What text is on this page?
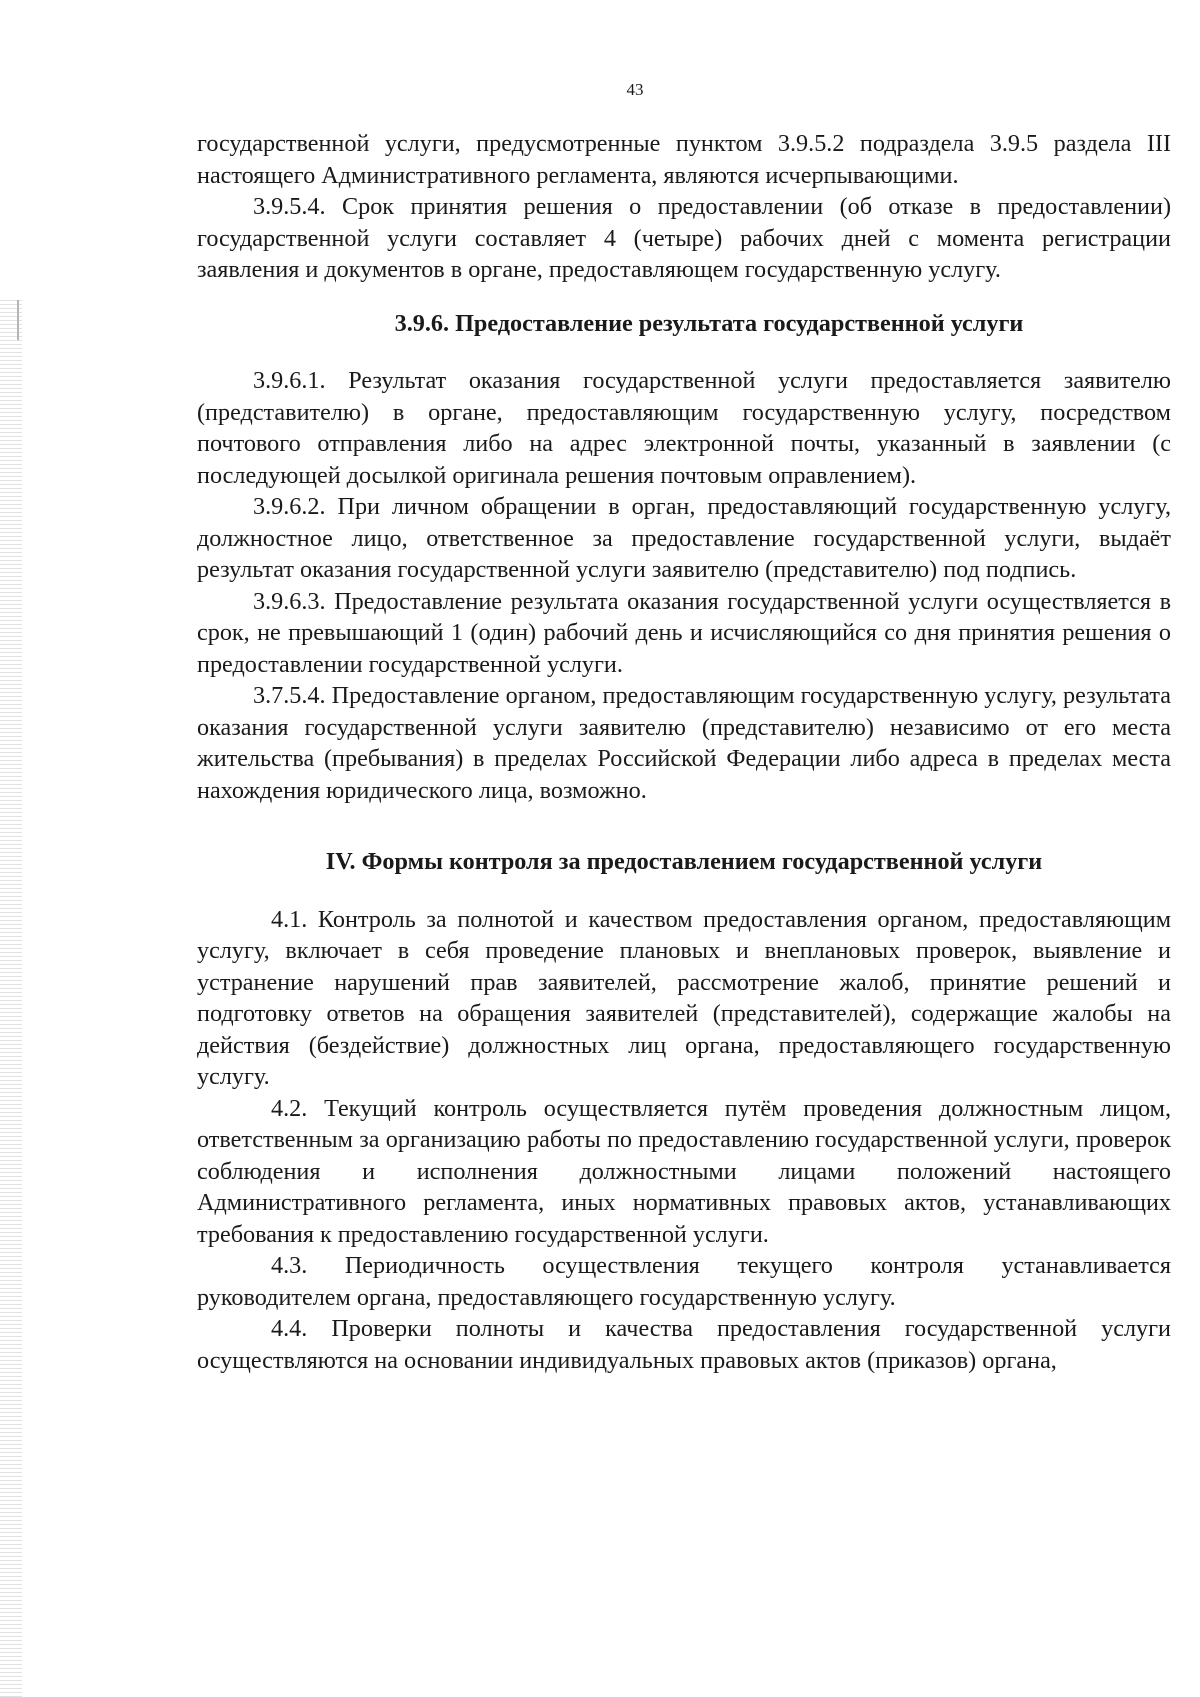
43

государственной услуги, предусмотренные пунктом 3.9.5.2 подраздела 3.9.5 раздела III настоящего Административного регламента, являются исчерпывающими.

3.9.5.4. Срок принятия решения о предоставлении (об отказе в предоставлении) государственной услуги составляет 4 (четыре) рабочих дней с момента регистрации заявления и документов в органе, предоставляющем государственную услугу.

3.9.6. Предоставление результата государственной услуги

3.9.6.1. Результат оказания государственной услуги предоставляется заявителю (представителю) в органе, предоставляющим государственную услугу, посредством почтового отправления либо на адрес электронной почты, указанный в заявлении (с последующей досылкой оригинала решения почтовым оправлением).

3.9.6.2. При личном обращении в орган, предоставляющий государственную услугу, должностное лицо, ответственное за предоставление государственной услуги, выдаёт результат оказания государственной услуги заявителю (представителю) под подпись.

3.9.6.3. Предоставление результата оказания государственной услуги осуществляется в срок, не превышающий 1 (один) рабочий день и исчисляющийся со дня принятия решения о предоставлении государственной услуги.

3.7.5.4. Предоставление органом, предоставляющим государственную услугу, результата оказания государственной услуги заявителю (представителю) независимо от его места жительства (пребывания) в пределах Российской Федерации либо адреса в пределах места нахождения юридического лица, возможно.

IV. Формы контроля за предоставлением государственной услуги

4.1. Контроль за полнотой и качеством предоставления органом, предоставляющим услугу, включает в себя проведение плановых и внеплановых проверок, выявление и устранение нарушений прав заявителей, рассмотрение жалоб, принятие решений и подготовку ответов на обращения заявителей (представителей), содержащие жалобы на действия (бездействие) должностных лиц органа, предоставляющего государственную услугу.

4.2. Текущий контроль осуществляется путём проведения должностным лицом, ответственным за организацию работы по предоставлению государственной услуги, проверок соблюдения и исполнения должностными лицами положений настоящего Административного регламента, иных нормативных правовых актов, устанавливающих требования к предоставлению государственной услуги.

4.3. Периодичность осуществления текущего контроля устанавливается руководителем органа, предоставляющего государственную услугу.

4.4. Проверки полноты и качества предоставления государственной услуги осуществляются на основании индивидуальных правовых актов (приказов) органа,
